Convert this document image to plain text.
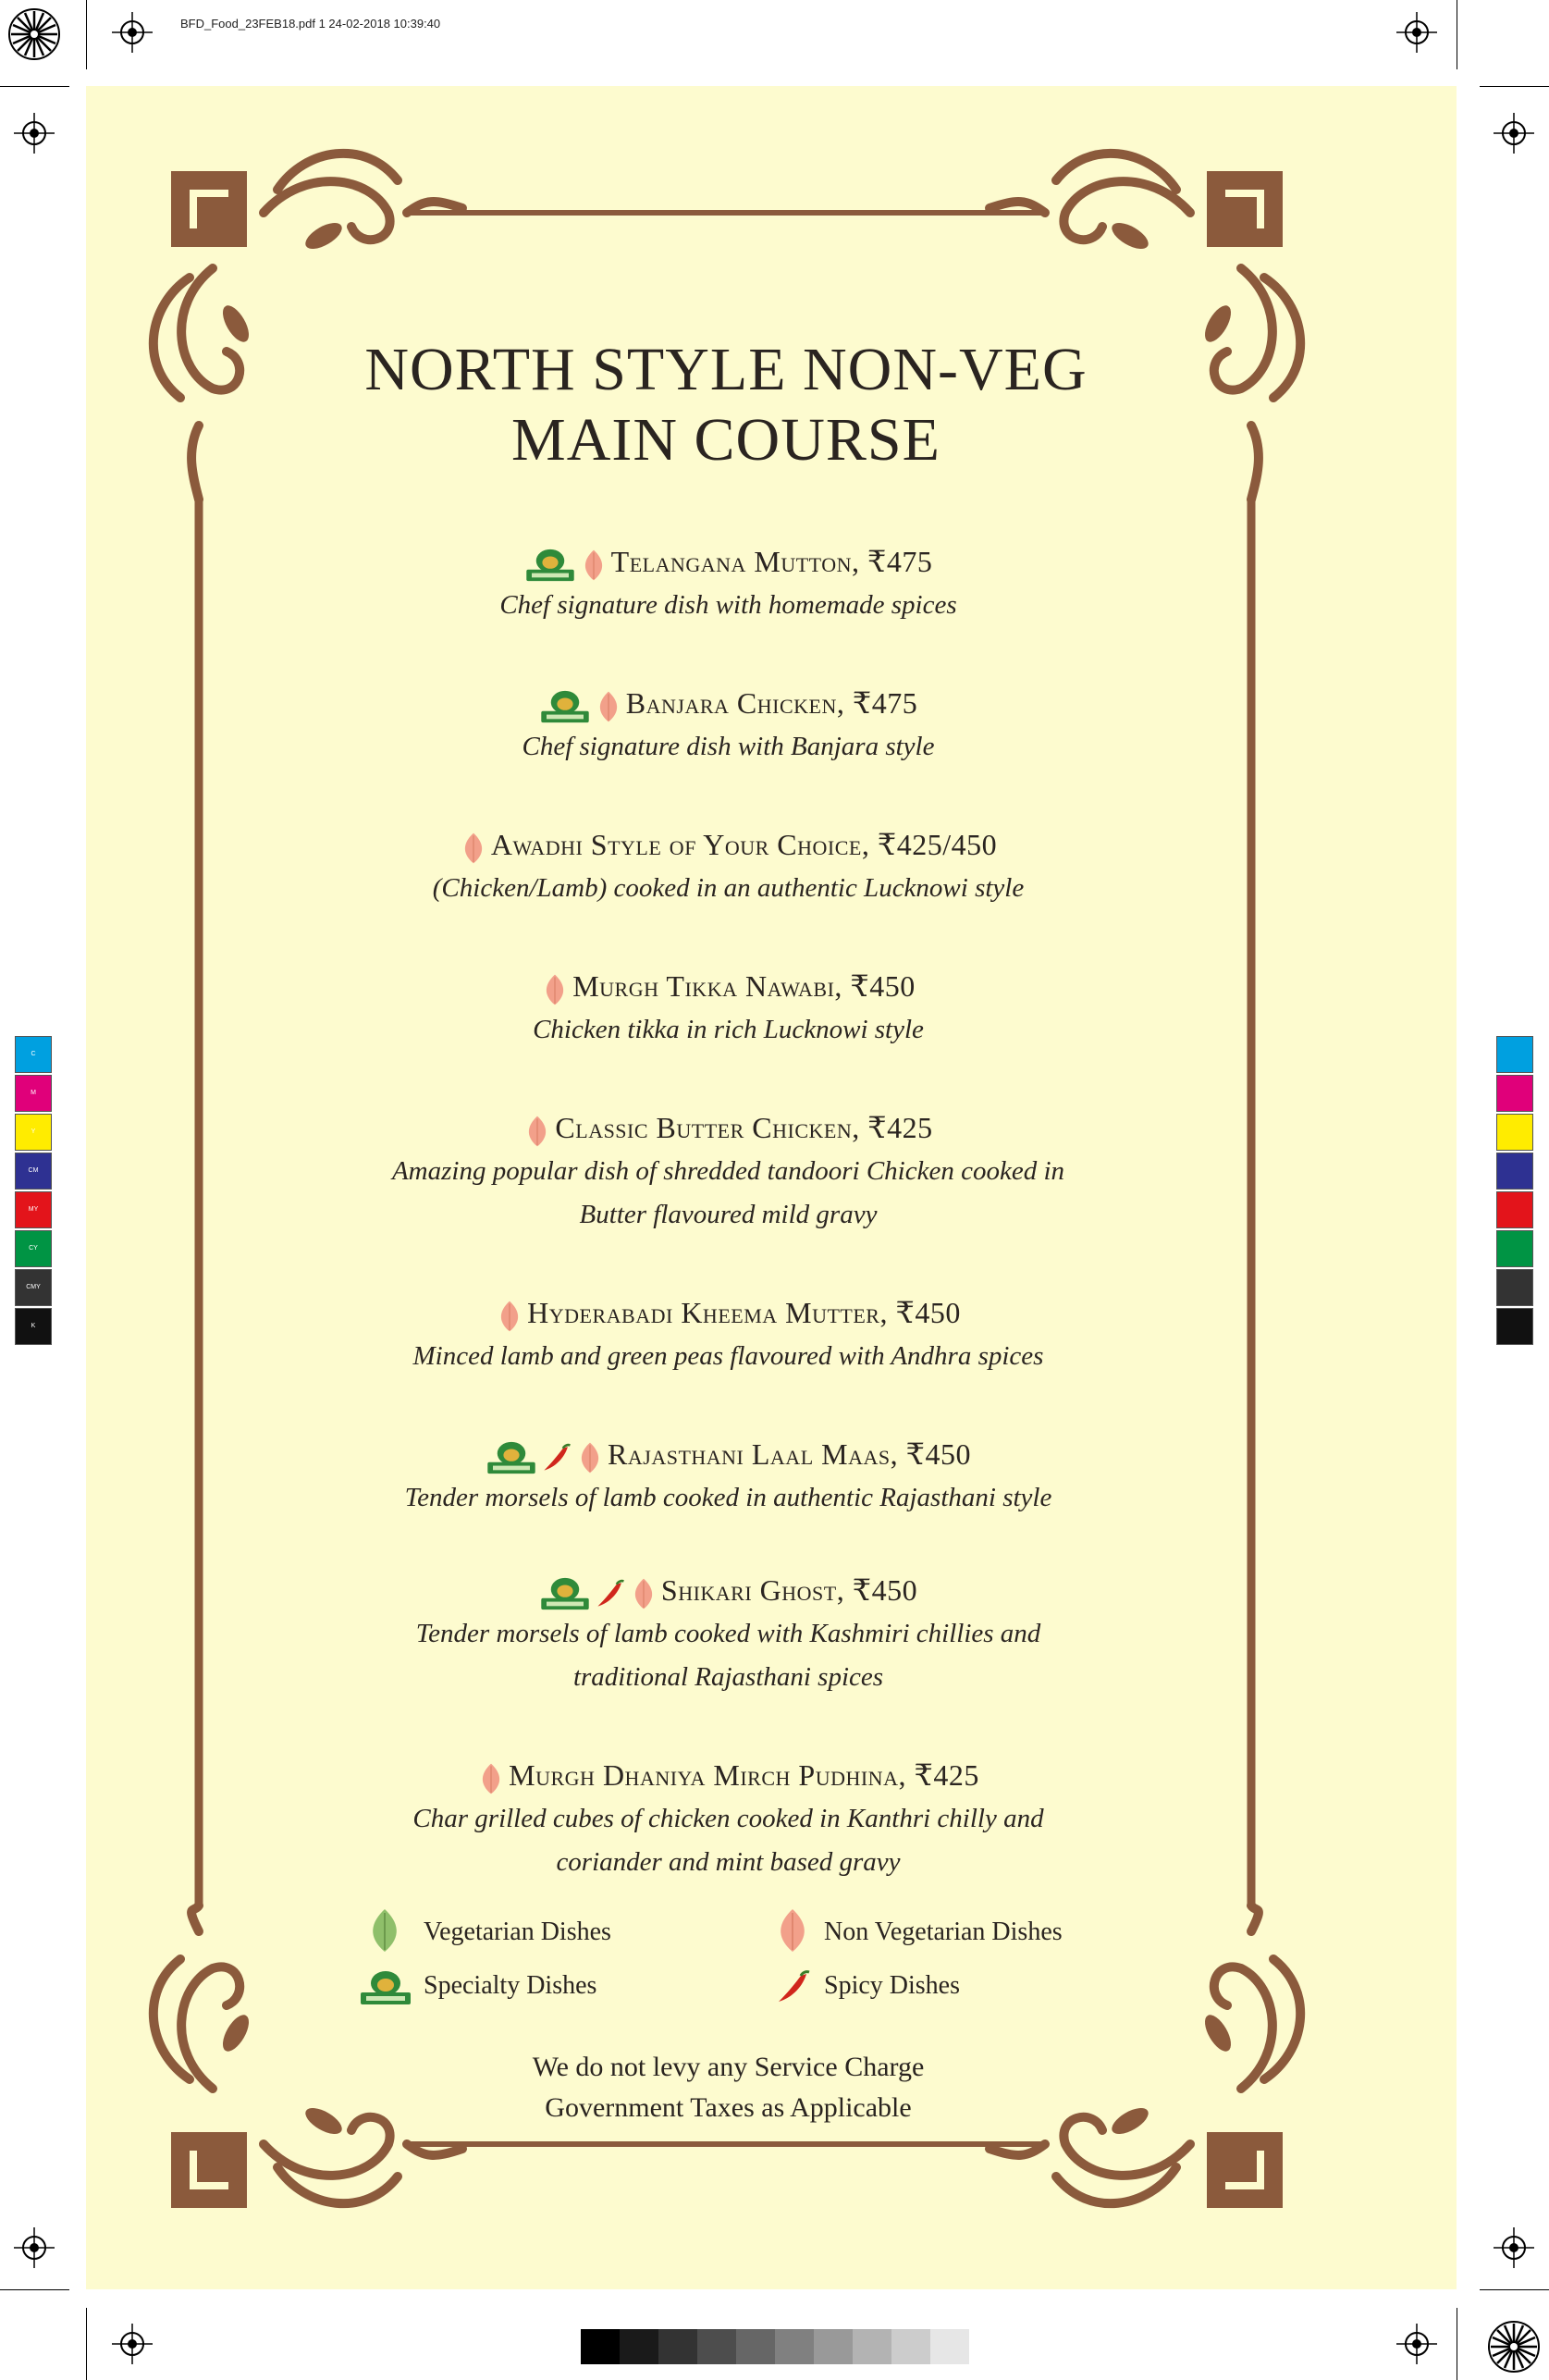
BFD_Food_23FEB18.pdf 1 24-02-2018 10:39:40
C
M
Y
CM
MY
CY
CMY
K
NORTH STYLE NON-VEG
MAIN COURSE
Telangana Mutton, ₹475
Chef signature dish with homemade spices
Banjara Chicken, ₹475
Chef signature dish with Banjara style
Awadhi Style of Your Choice, ₹425/450
(Chicken/Lamb) cooked in an authentic Lucknowi style
Murgh Tikka Nawabi, ₹450
Chicken tikka in rich Lucknowi style
Classic Butter Chicken, ₹425
Amazing popular dish of shredded tandoori Chicken cooked in
Butter flavoured mild gravy
Hyderabadi Kheema Mutter, ₹450
Minced lamb and green peas flavoured with Andhra spices
Rajasthani Laal Maas, ₹450
Tender morsels of lamb cooked in authentic Rajasthani style
Shikari Ghost, ₹450
Tender morsels of lamb cooked with Kashmiri chillies and
traditional Rajasthani spices
Murgh Dhaniya Mirch Pudhina, ₹425
Char grilled cubes of chicken cooked in Kanthri chilly and
coriander and mint based gravy
Vegetarian Dishes	Non Vegetarian Dishes
Specialty Dishes	Spicy Dishes
We do not levy any Service Charge
Government Taxes as Applicable
